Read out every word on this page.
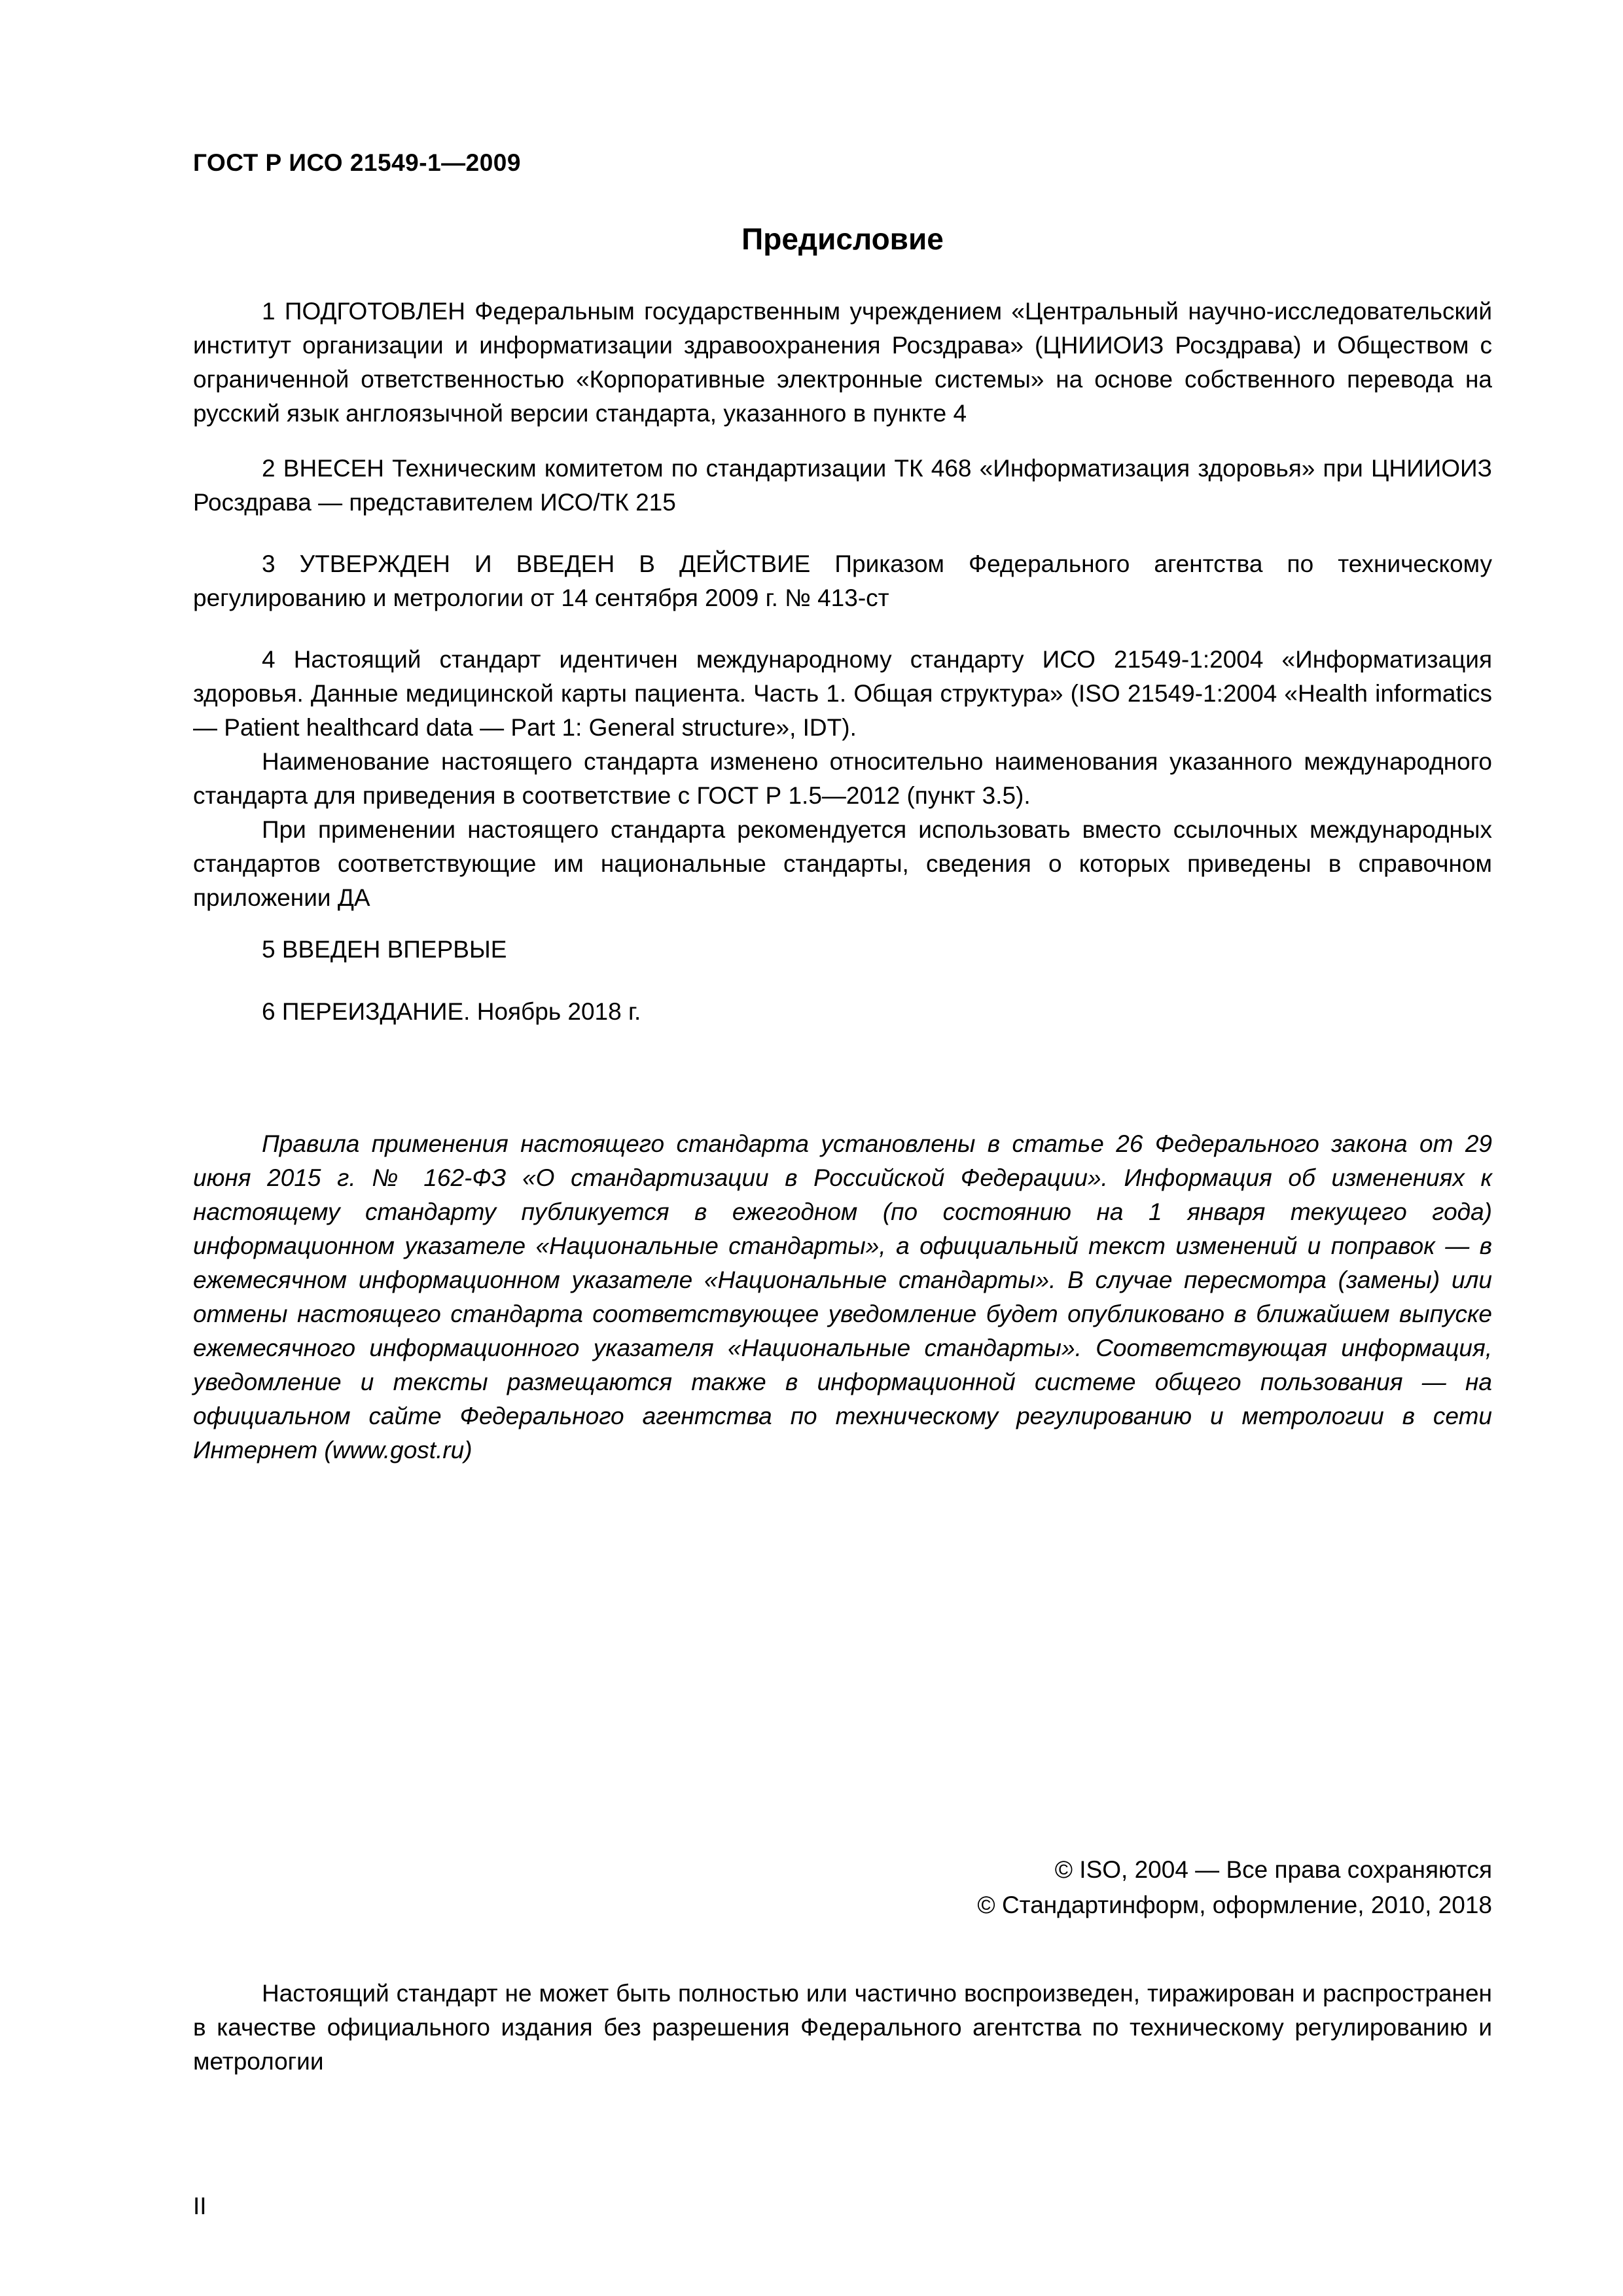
ГОСТ Р ИСО 21549-1—2009
Предисловие

1 ПОДГОТОВЛЕН Федеральным государственным учреждением «Центральный научно-исследовательский институт организации и информатизации здравоохранения Росздрава» (ЦНИИОИЗ Росздрава) и Обществом с ограниченной ответственностью «Корпоративные электронные системы» на основе собственного перевода на русский язык англоязычной версии стандарта, указанного в пункте 4

2 ВНЕСЕН Техническим комитетом по стандартизации ТК 468 «Информатизация здоровья» при ЦНИИОИЗ Росздрава — представителем ИСО/ТК 215

3 УТВЕРЖДЕН И ВВЕДЕН В ДЕЙСТВИЕ Приказом Федерального агентства по техническому регулированию и метрологии от 14 сентября 2009 г. № 413-ст

4 Настоящий стандарт идентичен международному стандарту ИСО 21549-1:2004 «Информатизация здоровья. Данные медицинской карты пациента. Часть 1. Общая структура» (ISO 21549-1:2004 «Health informatics — Patient healthcard data — Part 1: General structure», IDT).

Наименование настоящего стандарта изменено относительно наименования указанного международного стандарта для приведения в соответствие с ГОСТ Р 1.5—2012 (пункт 3.5).

При применении настоящего стандарта рекомендуется использовать вместо ссылочных международных стандартов соответствующие им национальные стандарты, сведения о которых приведены в справочном приложении ДА

5 ВВЕДЕН ВПЕРВЫЕ

6 ПЕРЕИЗДАНИЕ. Ноябрь 2018 г.

Правила применения настоящего стандарта установлены в статье 26 Федерального закона от 29 июня 2015 г. № 162-ФЗ «О стандартизации в Российской Федерации». Информация об изменениях к настоящему стандарту публикуется в ежегодном (по состоянию на 1 января текущего года) информационном указателе «Национальные стандарты», а официальный текст изменений и поправок — в ежемесячном информационном указателе «Национальные стандарты». В случае пересмотра (замены) или отмены настоящего стандарта соответствующее уведомление будет опубликовано в ближайшем выпуске ежемесячного информационного указателя «Национальные стандарты». Соответствующая информация, уведомление и тексты размещаются также в информационной системе общего пользования — на официальном сайте Федерального агентства по техническому регулированию и метрологии в сети Интернет (www.gost.ru)

© ISO, 2004 — Все права сохраняются
© Стандартинформ, оформление, 2010, 2018

Настоящий стандарт не может быть полностью или частично воспроизведен, тиражирован и распространен в качестве официального издания без разрешения Федерального агентства по техническому регулированию и метрологии

II
